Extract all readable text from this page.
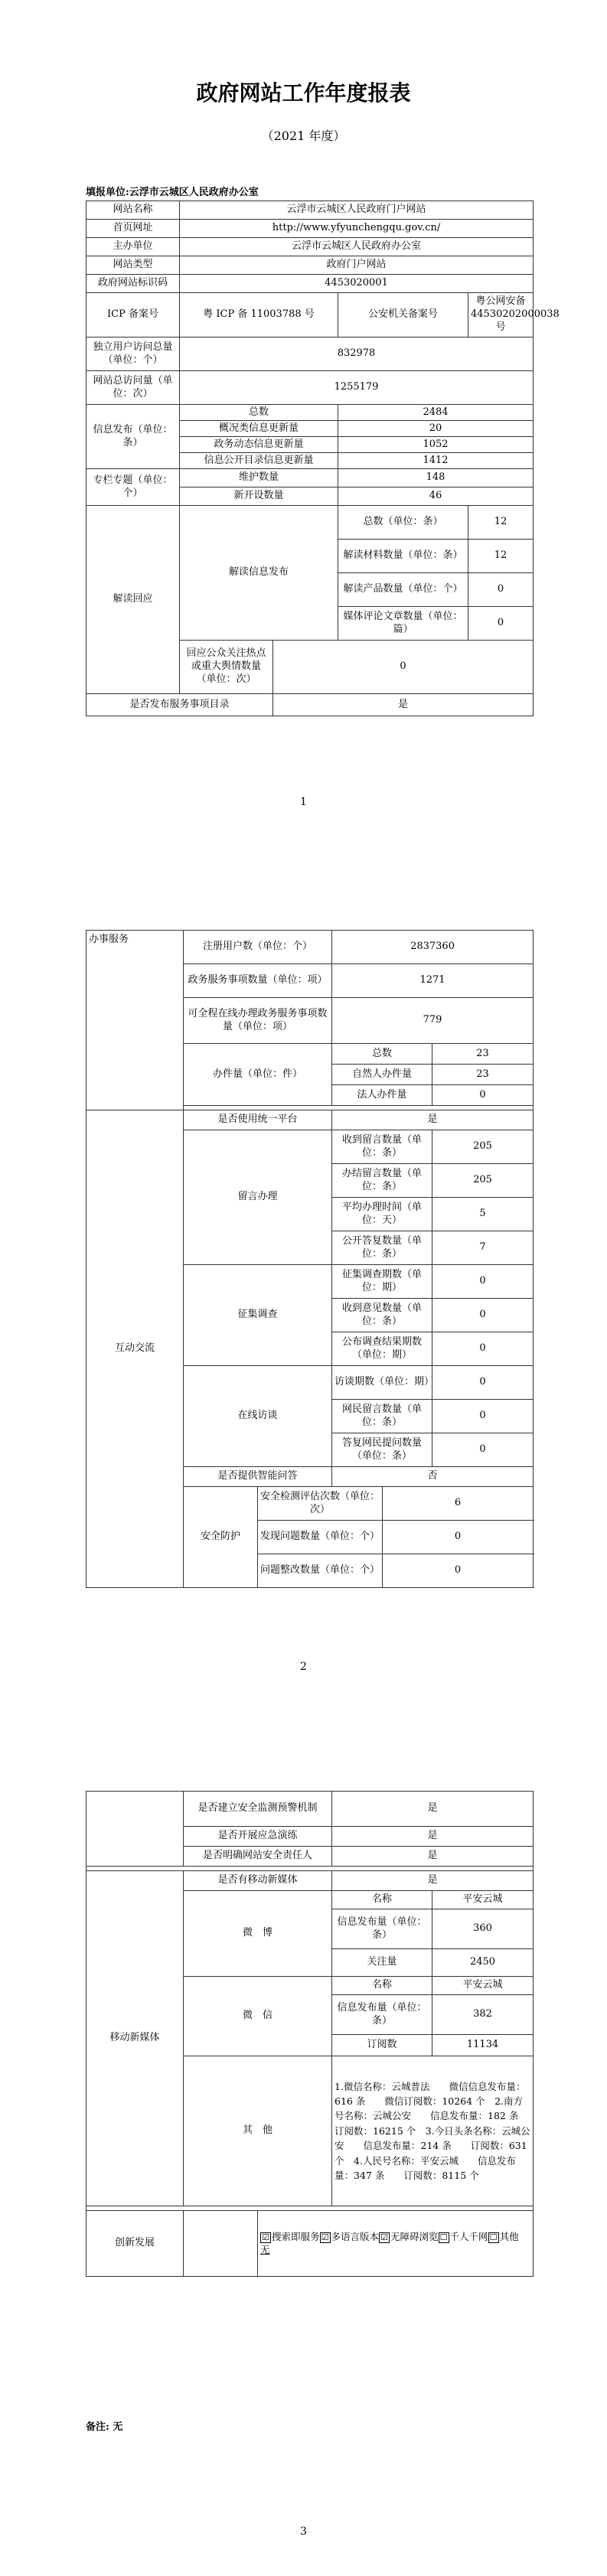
政府网站工作年度报表
（2021 年度）
填报单位:云浮市云城区人民政府办公室
网站名称	云浮市云城区人民政府门户网站			
首页网址	http://www.yfyunchengqu.gov.cn/			
主办单位	云浮市云城区人民政府办公室			
网站类型	政府门户网站			
政府网站标识码	4453020001			
ICP 备案号	粤 ICP 备 11003788 号		公安机关备案号	粤公网安备 44530202000038 号
独立用户访问总量（单位：个）	832978			
网站总访问量（单位：次）	1255179			
信息发布（单位：条）	总数		2484	
	概况类信息更新量		20	
	政务动态信息更新量		1052	
	信息公开目录信息更新量		1412	
专栏专题（单位：个）	维护数量		148	
	新开设数量		46	
解读回应	解读信息发布		总数（单位：条）	12
			解读材料数量（单位：条）	12
			解读产品数量（单位：个）	0
			媒体评论文章数量（单位：篇）	0
	回应公众关注热点或重大舆情数量（单位：次）	0		
是否发布服务事项目录		是		
1
办事服务	注册用户数（单位：个）		2837360		
	政务服务事项数量（单位：项）		1271		
	可全程在线办理政务服务事项数量（单位：项）		779		
	办件量（单位：件）		总数		23
			自然人办件量		23
			法人办件量		0

互动交流	是否使用统一平台		是		
	留言办理		收到留言数量（单位：条）		205
			办结留言数量（单位：条）		205
			平均办理时间（单位：天）		5
			公开答复数量（单位：条）		7
	征集调查		征集调查期数（单位：期）		0
			收到意见数量（单位：条）		0
			公布调查结果期数（单位：期）		0
	在线访谈		访谈期数（单位：期）		0
			网民留言数量（单位：条）		0
			答复网民提问数量（单位：条）		0
	是否提供智能问答		否		
	安全防护	安全检测评估次数（单位：次）		6	
		发现问题数量（单位：个）		0	
		问题整改数量（单位：个）		0	
2
	是否建立安全监测预警机制		是	
	是否开展应急演练		是	
	是否明确网站安全责任人		是	

移动新媒体	是否有移动新媒体		是	
	微　博		名称	平安云城
			信息发布量（单位：条）	360
			关注量	2450
	微　信		名称	平安云城
			信息发布量（单位：条）	382
			订阅数	11134
	其　他		1.微信名称：云城普法　　微信信息发布量：616 条　　微信订阅数：10264 个　2.南方号名称：云城公安　　信息发布量：182 条　　订阅数：16215 个　3.今日头条名称：云城公安　　信息发布量：214 条　　订阅数：631 个　4.人民号名称：平安云城　　信息发布量：347 条　　订阅数：8115 个	

创新发展		☑ 搜索即服务 ☑ 多语言版本 ☑ 无障碍浏览 ☐ 千人千网 ☐ 其他
无		
备注: 无
3
